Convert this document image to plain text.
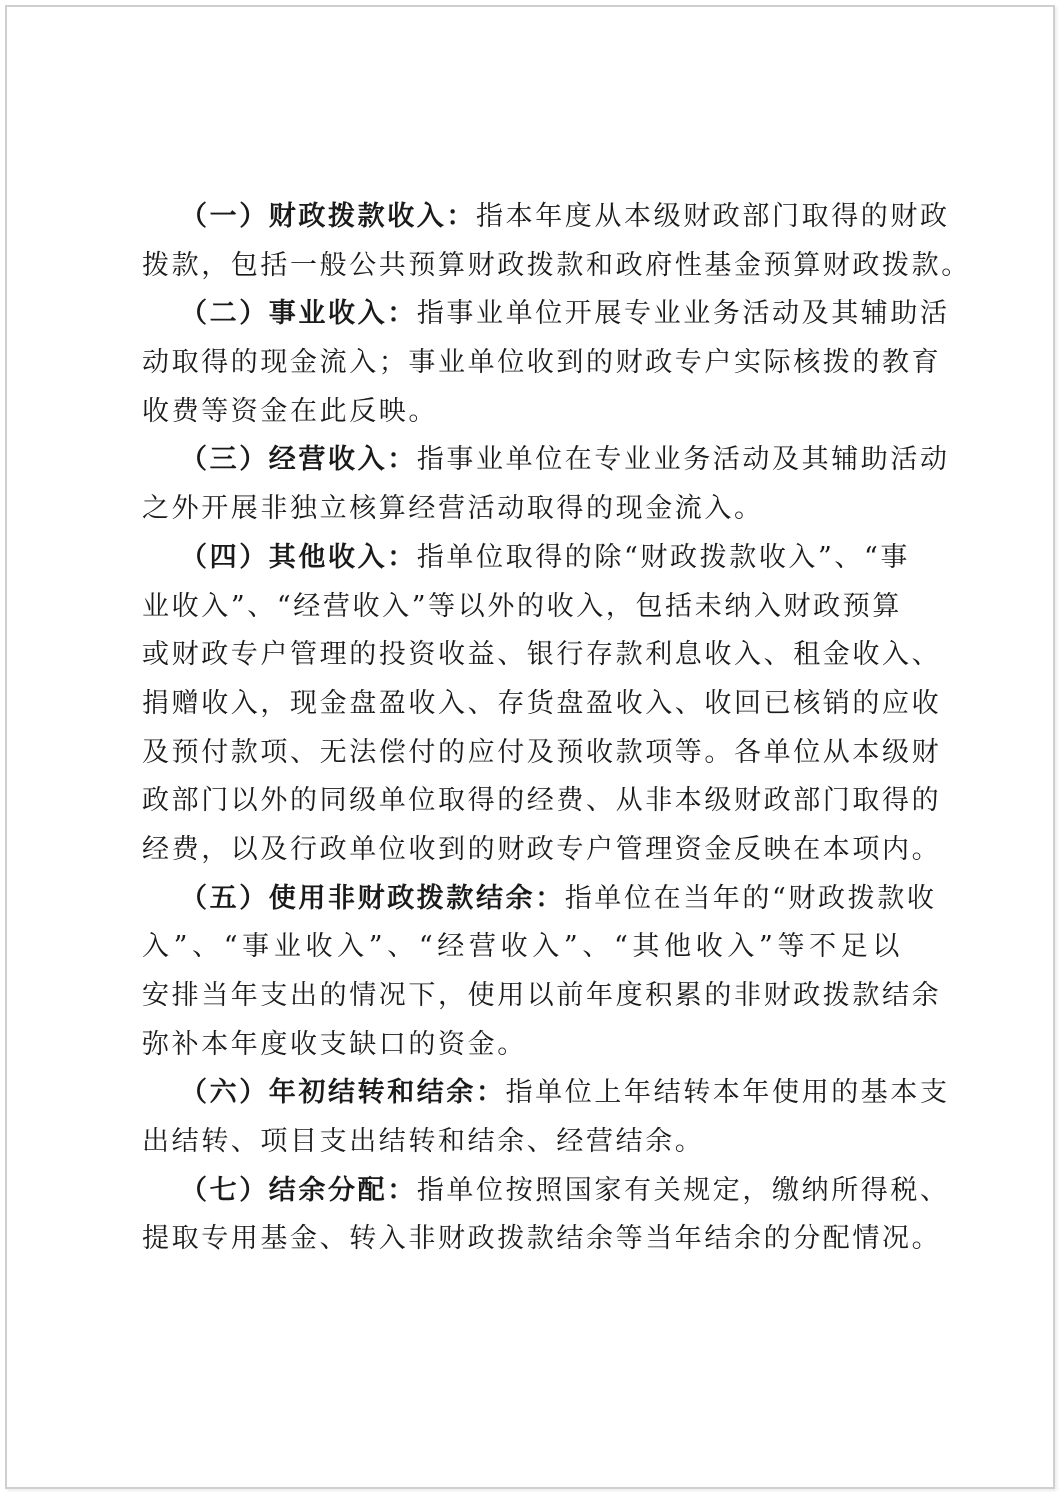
（一）财政拨款收入：指本年度从本级财政部门取得的财政
拨款，包括一般公共预算财政拨款和政府性基金预算财政拨款。
（二）事业收入：指事业单位开展专业业务活动及其辅助活
动取得的现金流入；事业单位收到的财政专户实际核拨的教育
收费等资金在此反映。
（三）经营收入：指事业单位在专业业务活动及其辅助活动
之外开展非独立核算经营活动取得的现金流入。
（四）其他收入：指单位取得的除“财政拨款收入”、“事
业收入”、“经营收入”等以外的收入，包括未纳入财政预算
或财政专户管理的投资收益、银行存款利息收入、租金收入、
捐赠收入，现金盘盈收入、存货盘盈收入、收回已核销的应收
及预付款项、无法偿付的应付及预收款项等。各单位从本级财
政部门以外的同级单位取得的经费、从非本级财政部门取得的
经费，以及行政单位收到的财政专户管理资金反映在本项内。
（五）使用非财政拨款结余：指单位在当年的“财政拨款收
入”、“事业收入”、“经营收入”、“其他收入”等不足以
安排当年支出的情况下，使用以前年度积累的非财政拨款结余
弥补本年度收支缺口的资金。
（六）年初结转和结余：指单位上年结转本年使用的基本支
出结转、项目支出结转和结余、经营结余。
（七）结余分配：指单位按照国家有关规定，缴纳所得税、
提取专用基金、转入非财政拨款结余等当年结余的分配情况。
